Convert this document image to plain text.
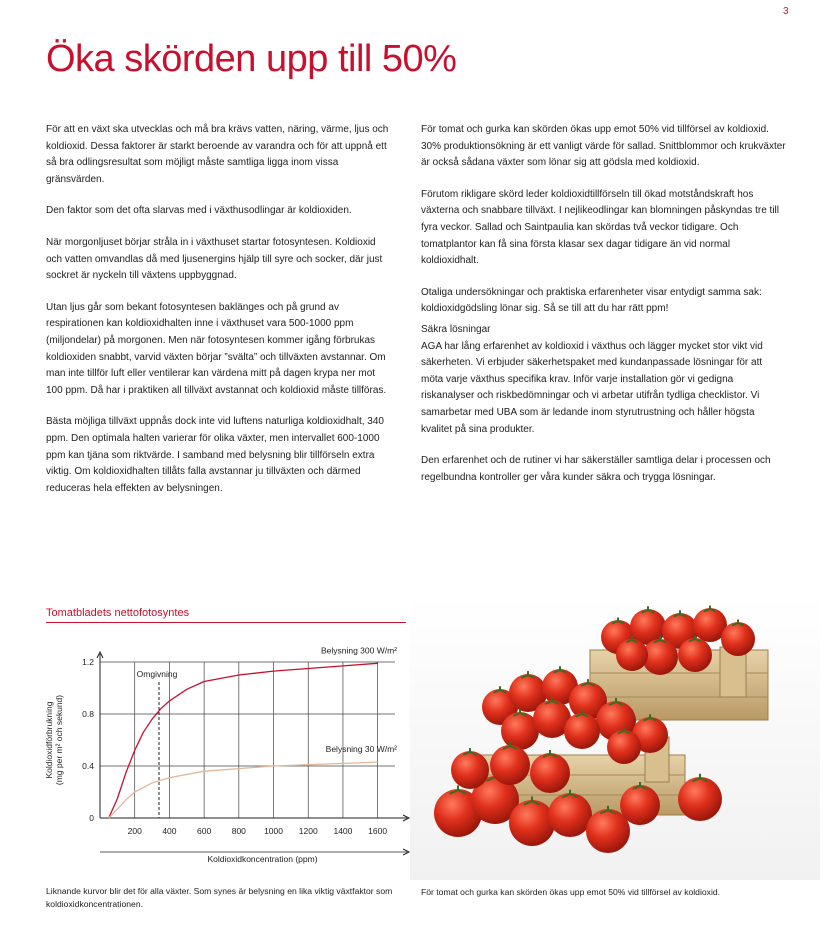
3
Öka skörden upp till 50%

För att en växt ska utvecklas och må bra krävs vatten, näring, värme, ljus och koldioxid. Dessa faktorer är starkt beroende av varandra och för att uppnå ett så bra odlingsresultat som möjligt måste samtliga ligga inom vissa gränsvärden.

Den faktor som det ofta slarvas med i växthusodlingar är koldioxiden.

När morgonljuset börjar stråla in i växthuset startar fotosyntesen. Koldioxid och vatten omvandlas då med ljusenergins hjälp till syre och socker, där just sockret är nyckeln till växtens uppbyggnad.

Utan ljus går som bekant fotosyntesen baklänges och på grund av respirationen kan koldioxidhalten inne i växthuset vara 500-1000 ppm (miljondelar) på morgonen. Men när fotosyntesen kommer igång förbrukas koldioxiden snabbt, varvid växten börjar ”svälta” och tillväxten avstannar. Om man inte tillför luft eller ventilerar kan värdena mitt på dagen krypa ner mot 100 ppm. Då har i praktiken all tillväxt avstannat och koldioxid måste tillföras.

Bästa möjliga tillväxt uppnås dock inte vid luftens naturliga koldioxidhalt, 340 ppm. Den optimala halten varierar för olika växter, men intervallet 600-1000 ppm kan tjäna som riktvärde. I samband med belysning blir tillförseln extra viktig. Om koldioxidhalten tillåts falla avstannar ju tillväxten och därmed reduceras hela effekten av belysningen.

För tomat och gurka kan skörden ökas upp emot 50% vid tillförsel av koldioxid. 30% produktionsökning är ett vanligt värde för sallad. Snittblommor och krukväxter är också sådana växter som lönar sig att gödsla med koldioxid.

Förutom rikligare skörd leder koldioxidtillförseln till ökad motståndskraft hos växterna och snabbare tillväxt. I nejlikeodlingar kan blomningen påskyndas tre till fyra veckor. Sallad och Saintpaulia kan skördas två veckor tidigare. Och tomatplantor kan få sina första klasar sex dagar tidigare än vid normal koldioxidhalt.

Otaliga undersökningar och praktiska erfarenheter visar entydigt samma sak: koldioxidgödsling lönar sig. Så se till att du har rätt ppm!

Säkra lösningar

AGA har lång erfarenhet av koldioxid i växthus och lägger mycket stor vikt vid säkerheten. Vi erbjuder säkerhetspaket med kundanpassade lösningar för att möta varje växthus specifika krav. Inför varje installation gör vi gedigna riskanalyser och riskbedömningar och vi arbetar utifrån tydliga checklistor. Vi samarbetar med UBA som är ledande inom styrutrustning och håller högsta kvalitet på sina produkter.

Den erfarenhet och de rutiner vi har säkerställer samtliga delar i processen och regelbundna kontroller ger våra kunder säkra och trygga lösningar.

Tomatbladets nettofotosyntes
200 400 600 800 1000 1200 1400 1600
0
0.4
0.8
1.2
Koldioxidkoncentration (ppm)
Koldioxidförbrukning (mg per m² och sekund)
Omgivning
Belysning 300 W/m²
Belysning 30 W/m²
Liknande kurvor blir det för alla växter. Som synes är belysning en lika viktig växtfaktor som koldioxidkoncentrationen.
För tomat och gurka kan skörden ökas upp emot 50% vid tillförsel av koldioxid.
